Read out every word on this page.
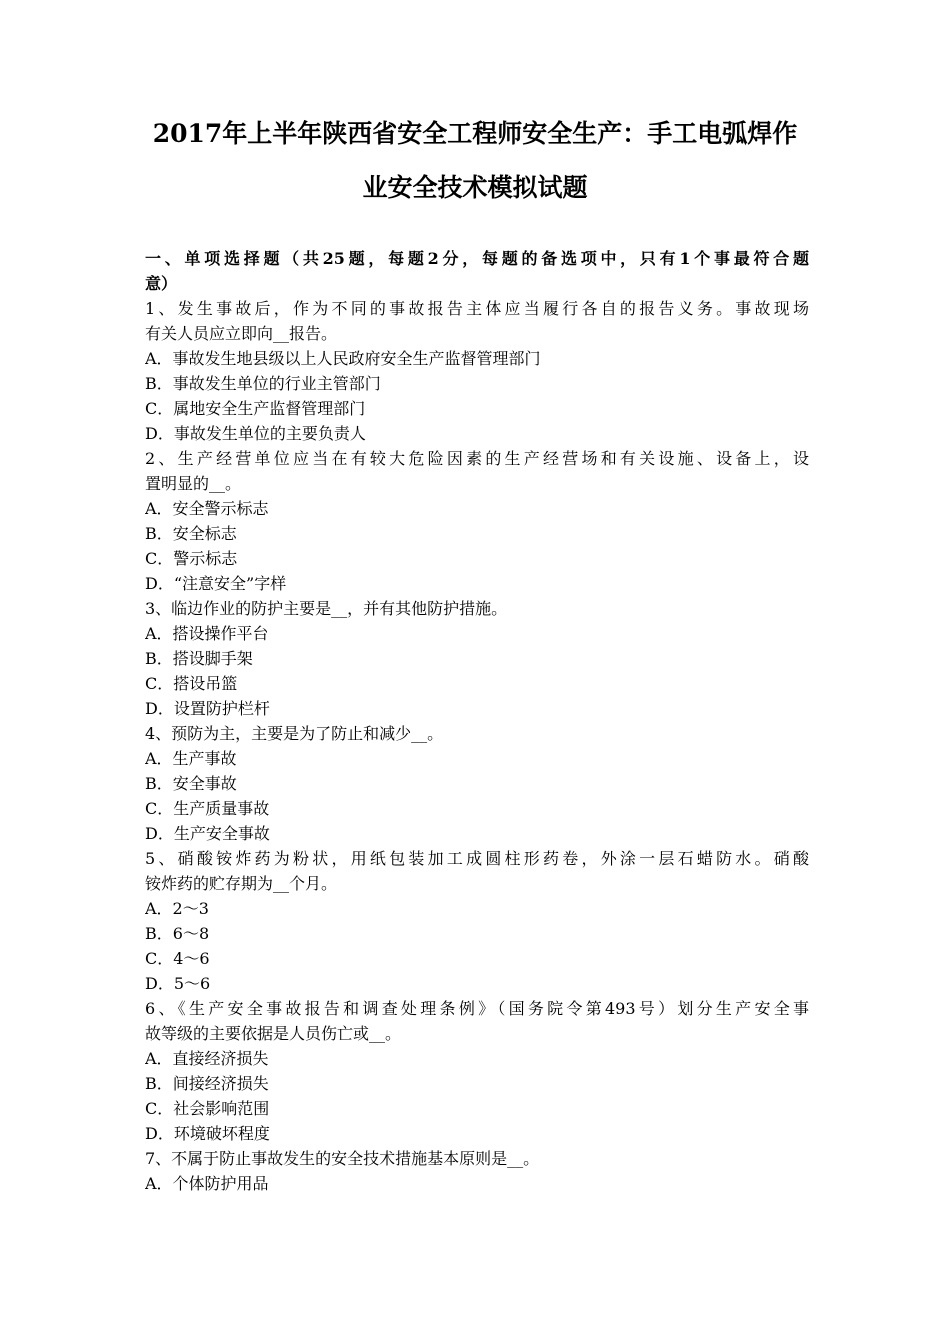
2017年上半年陕西省安全工程师安全生产：手工电弧焊作
业安全技术模拟试题
一、单项选择题（共25题，每题2分，每题的备选项中，只有1个事最符合题
意）
1、发生事故后，作为不同的事故报告主体应当履行各自的报告义务。事故现场
有关人员应立即向__报告。
A．事故发生地县级以上人民政府安全生产监督管理部门
B．事故发生单位的行业主管部门
C．属地安全生产监督管理部门
D．事故发生单位的主要负责人
2、生产经营单位应当在有较大危险因素的生产经营场和有关设施、设备上，设
置明显的__。
A．安全警示标志
B．安全标志
C．警示标志
D．“注意安全”字样
3、临边作业的防护主要是__，并有其他防护措施。
A．搭设操作平台
B．搭设脚手架
C．搭设吊篮
D．设置防护栏杆
4、预防为主，主要是为了防止和减少__。
A．生产事故
B．安全事故
C．生产质量事故
D．生产安全事故
5、硝酸铵炸药为粉状，用纸包装加工成圆柱形药卷，外涂一层石蜡防水。硝酸
铵炸药的贮存期为__个月。
A．2～3
B．6～8
C．4～6
D．5～6
6、《生产安全事故报告和调查处理条例》（国务院令第493号）划分生产安全事
故等级的主要依据是人员伤亡或__。
A．直接经济损失
B．间接经济损失
C．社会影响范围
D．环境破坏程度
7、不属于防止事故发生的安全技术措施基本原则是__。
A．个体防护用品
